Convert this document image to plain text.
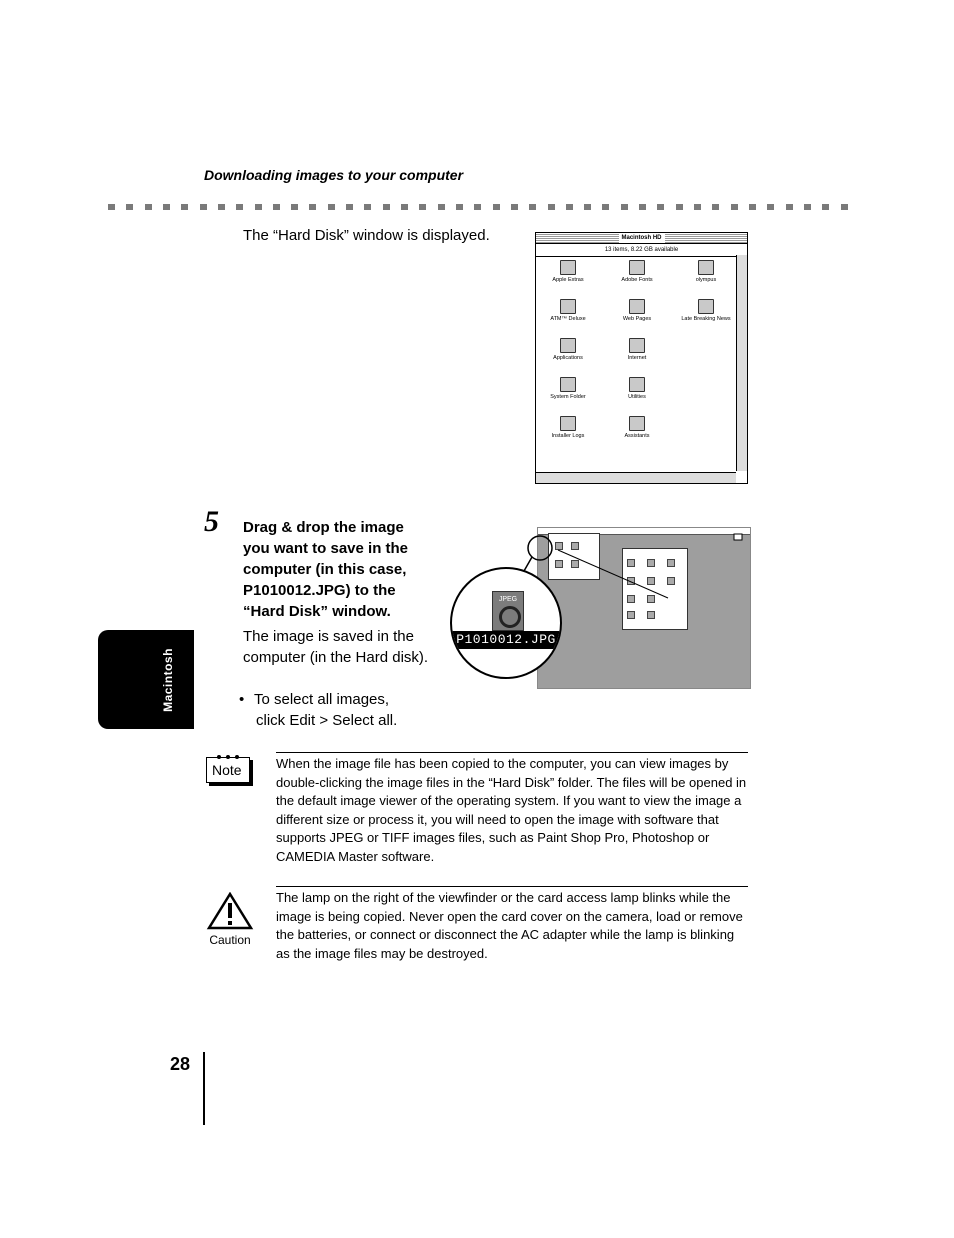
Downloading images to your computer
The “Hard Disk” window is displayed.	Macintosh HD
13 items, 8.22 GB available
Apple Extras	Adobe Fonts	olympus
ATM™ Deluxe	Web Pages	Late Breaking News
Applications	Internet
System Folder	Utilities
Installer Logs	Assistants
5 Drag & drop the image you want to save in the computer (in this case, P1010012.JPG) to the “Hard Disk” window.
The image is saved in the computer (in the Hard disk).
• To select all images,
click Edit > Select all.
JPEG
P1010012.JPG
Macintosh
Note	When the image file has been copied to the computer, you can view images by double-clicking the image files in the “Hard Disk” folder. The files will be opened in the default image viewer of the operating system. If you want to view the image a different size or process it, you will need to open the image with software that supports JPEG or TIFF images files, such as Paint Shop Pro, Photoshop or CAMEDIA Master software.
Caution
The lamp on the right of the viewfinder or the card access lamp blinks while the image is being copied. Never open the card cover on the camera, load or remove the batteries, or connect or disconnect the AC adapter while the lamp is blinking as the image files may be destroyed.
28
